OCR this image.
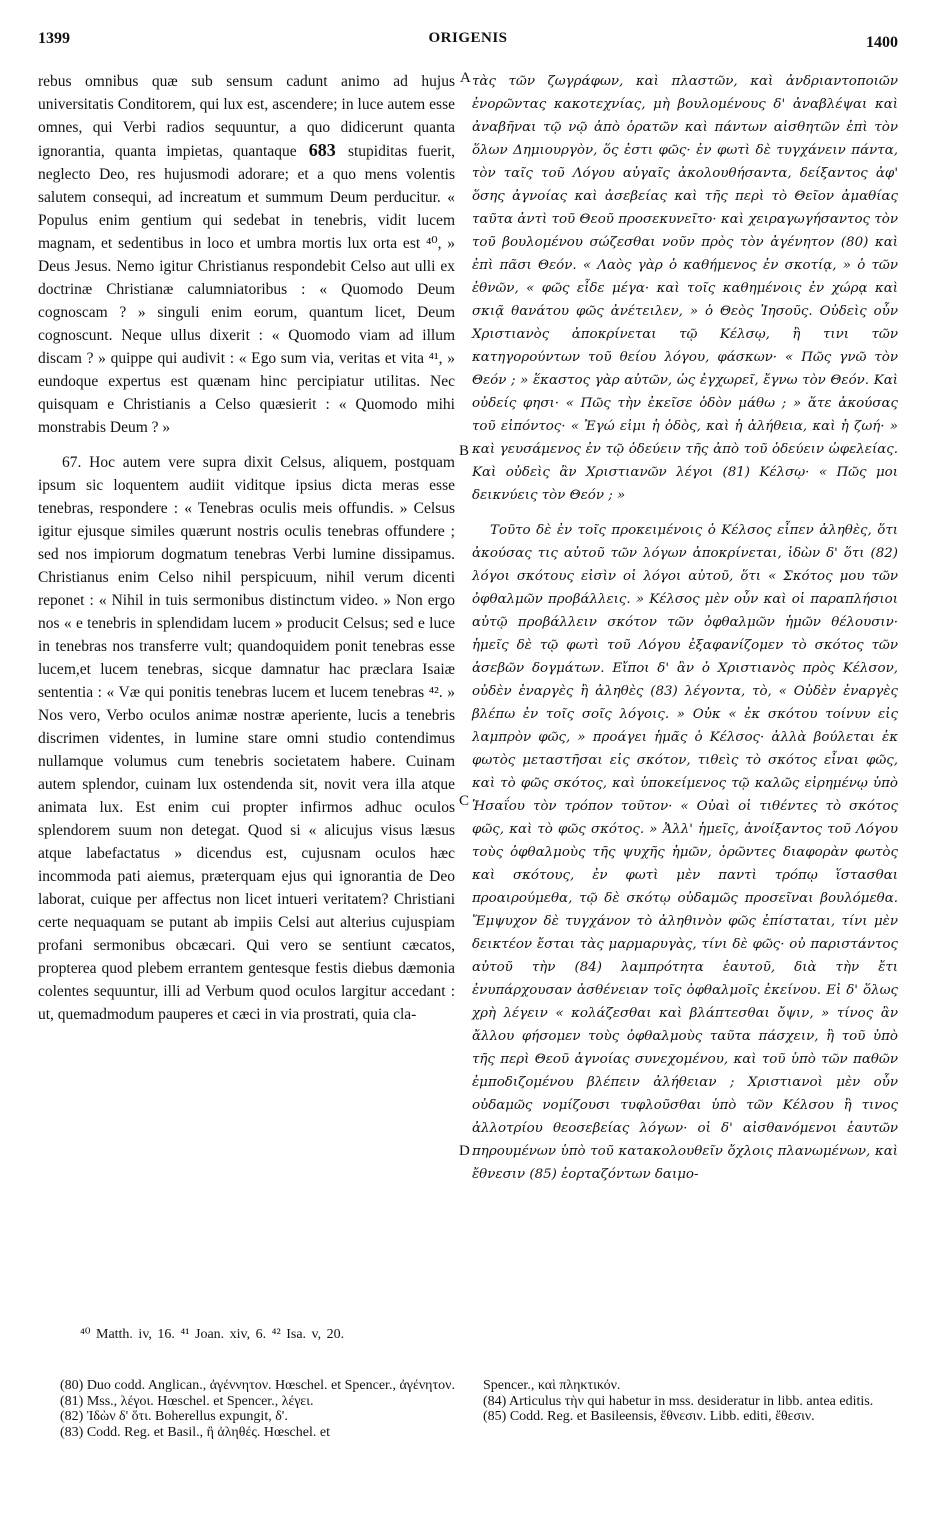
1399	ORIGENIS	1400

rebus omnibus quæ sub sensum cadunt animo ad hujus universitatis Conditorem, qui lux est, ascendere; in luce autem esse omnes, qui Verbi radios sequuntur, a quo didicerunt quanta ignorantia, quanta impietas, quantaque 683 stupiditas fuerit, neglecto Deo, res hujusmodi adorare; et a quo mens volentis salutem consequi, ad increatum et summum Deum perducitur. « Populus enim gentium qui sedebat in tenebris, vidit lucem magnam, et sedentibus in loco et umbra mortis lux orta est ⁴⁰, » Deus Jesus. Nemo igitur Christianus respondebit Celso aut ulli ex doctrinæ Christianæ calumniatoribus : « Quomodo Deum cognoscam ? » singuli enim eorum, quantum licet, Deum cognoscunt. Neque ullus dixerit : « Quomodo viam ad illum discam ? » quippe qui audivit : « Ego sum via, veritas et vita ⁴¹, » eundoque expertus est quænam hinc percipiatur utilitas. Nec quisquam e Christianis a Celso quæsierit : « Quomodo mihi monstrabis Deum ? »

67. Hoc autem vere supra dixit Celsus, aliquem, postquam ipsum sic loquentem audiit viditque ipsius dicta meras esse tenebras, respondere : « Tenebras oculis meis offundis. » Celsus igitur ejusque similes quærunt nostris oculis tenebras offundere ; sed nos impiorum dogmatum tenebras Verbi lumine dissipamus. Christianus enim Celso nihil perspicuum, nihil verum dicenti reponet : « Nihil in tuis sermonibus distinctum video. » Non ergo nos « e tenebris in splendidam lucem » producit Celsus; sed e luce in tenebras nos transferre vult; quandoquidem ponit tenebras esse lucem,et lucem tenebras, sicque damnatur hac præclara Isaiæ sententia : « Væ qui ponitis tenebras lucem et lucem tenebras ⁴². » Nos vero, Verbo oculos animæ nostræ aperiente, lucis a tenebris discrimen videntes, in lumine stare omni studio contendimus nullamque volumus cum tenebris societatem habere. Cuinam autem splendor, cuinam lux ostendenda sit, novit vera illa atque animata lux. Est enim cui propter infirmos adhuc oculos splendorem suum non detegat. Quod si « alicujus visus læsus atque labefactatus » dicendus est, cujusnam oculos hæc incommoda pati aiemus, præterquam ejus qui ignorantia de Deo laborat, cuique per affectus non licet intueri veritatem? Christiani certe nequaquam se putant ab impiis Celsi aut alterius cujuspiam profani sermonibus obcæcari. Qui vero se sentiunt cæcatos, propterea quod plebem errantem gentesque festis diebus dæmonia colentes sequuntur, illi ad Verbum quod oculos largitur accedant : ut, quemadmodum pauperes et cæci in via prostrati, quia cla-

A
B
C
D

τὰς τῶν ζωγράφων, καὶ πλαστῶν, καὶ ἀνδριαντοποιῶν ἐνορῶντας κακοτεχνίας, μὴ βουλομένους δ' ἀναβλέψαι καὶ ἀναβῆναι τῷ νῷ ἀπὸ ὁρατῶν καὶ πάντων αἰσθητῶν ἐπὶ τὸν ὅλων Δημιουργὸν, ὅς ἐστι φῶς· ἐν φωτὶ δὲ τυγχάνειν πάντα, τὸν ταῖς τοῦ Λόγου αὐγαῖς ἀκολουθήσαντα, δείξαντος ἀφ' ὅσης ἀγνοίας καὶ ἀσεβείας καὶ τῆς περὶ τὸ Θεῖον ἀμαθίας ταῦτα ἀντὶ τοῦ Θεοῦ προσεκυνεῖτο· καὶ χειραγωγήσαντος τὸν τοῦ βουλομένου σώζεσθαι νοῦν πρὸς τὸν ἀγένητον (80) καὶ ἐπὶ πᾶσι Θεόν. « Λαὸς γὰρ ὁ καθήμενος ἐν σκοτίᾳ, » ὁ τῶν ἐθνῶν, « φῶς εἶδε μέγα· καὶ τοῖς καθημένοις ἐν χώρᾳ καὶ σκιᾷ θανάτου φῶς ἀνέτειλεν, » ὁ Θεὸς Ἰησοῦς. Οὐδεὶς οὖν Χριστιανὸς ἀποκρίνεται τῷ Κέλσῳ, ἢ τινι τῶν κατηγορούντων τοῦ θείου λόγου, φάσκων· « Πῶς γνῶ τὸν Θεόν ; » ἕκαστος γὰρ αὐτῶν, ὡς ἐγχωρεῖ, ἔγνω τὸν Θεόν. Καὶ οὐδείς φησι· « Πῶς τὴν ἐκεῖσε ὁδὸν μάθω ; » ἅτε ἀκούσας τοῦ εἰπόντος· « Ἐγώ εἰμι ἡ ὁδὸς, καὶ ἡ ἀλήθεια, καὶ ἡ ζωή· » καὶ γευσάμενος ἐν τῷ ὁδεύειν τῆς ἀπὸ τοῦ ὁδεύειν ὠφελείας. Καὶ οὐδεὶς ἂν Χριστιανῶν λέγοι (81) Κέλσῳ· « Πῶς μοι δεικνύεις τὸν Θεόν ; »

Τοῦτο δὲ ἐν τοῖς προκειμένοις ὁ Κέλσος εἶπεν ἀληθὲς, ὅτι ἀκούσας τις αὐτοῦ τῶν λόγων ἀποκρίνεται, ἰδὼν δ' ὅτι (82) λόγοι σκότους εἰσὶν οἱ λόγοι αὐτοῦ, ὅτι « Σκότος μου τῶν ὀφθαλμῶν προβάλλεις. » Κέλσος μὲν οὖν καὶ οἱ παραπλήσιοι αὐτῷ προβάλλειν σκότον τῶν ὀφθαλμῶν ἡμῶν θέλουσιν· ἡμεῖς δὲ τῷ φωτὶ τοῦ Λόγου ἐξαφανίζομεν τὸ σκότος τῶν ἀσεβῶν δογμάτων. Εἴποι δ' ἂν ὁ Χριστιανὸς πρὸς Κέλσον, οὐδὲν ἐναργὲς ἢ ἀληθὲς (83) λέγοντα, τὸ, « Οὐδὲν ἐναργὲς βλέπω ἐν τοῖς σοῖς λόγοις. » Οὐκ « ἐκ σκότου τοίνυν εἰς λαμπρὸν φῶς, » προάγει ἡμᾶς ὁ Κέλσος· ἀλλὰ βούλεται ἐκ φωτὸς μεταστῆσαι εἰς σκότον, τιθεὶς τὸ σκότος εἶναι φῶς, καὶ τὸ φῶς σκότος, καὶ ὑποκείμενος τῷ καλῶς εἰρημένῳ ὑπὸ Ἡσαΐου τὸν τρόπον τοῦτον· « Οὐαὶ οἱ τιθέντες τὸ σκότος φῶς, καὶ τὸ φῶς σκότος. » Ἀλλ' ἡμεῖς, ἀνοίξαντος τοῦ Λόγου τοὺς ὀφθαλμοὺς τῆς ψυχῆς ἡμῶν, ὁρῶντες διαφορὰν φωτὸς καὶ σκότους, ἐν φωτὶ μὲν παντὶ τρόπῳ ἵστασθαι προαιρούμεθα, τῷ δὲ σκότῳ οὐδαμῶς προσεῖναι βουλόμεθα. Ἔμψυχον δὲ τυγχάνον τὸ ἀληθινὸν φῶς ἐπίσταται, τίνι μὲν δεικτέον ἔσται τὰς μαρμαρυγὰς, τίνι δὲ φῶς· οὐ παριστάντος αὐτοῦ τὴν (84) λαμπρότητα ἑαυτοῦ, διὰ τὴν ἔτι ἐνυπάρχουσαν ἀσθένειαν τοῖς ὀφθαλμοῖς ἐκείνου. Εἰ δ' ὅλως χρὴ λέγειν « κολάζεσθαι καὶ βλάπτεσθαι ὄψιν, » τίνος ἂν ἄλλου φήσομεν τοὺς ὀφθαλμοὺς ταῦτα πάσχειν, ἢ τοῦ ὑπὸ τῆς περὶ Θεοῦ ἀγνοίας συνεχομένου, καὶ τοῦ ὑπὸ τῶν παθῶν ἐμποδιζομένου βλέπειν ἀλήθειαν ; Χριστιανοὶ μὲν οὖν οὐδαμῶς νομίζουσι τυφλοῦσθαι ὑπὸ τῶν Κέλσου ἢ τινος ἀλλοτρίου θεοσεβείας λόγων· οἱ δ' αἰσθανόμενοι ἑαυτῶν πηρουμένων ὑπὸ τοῦ κατακολουθεῖν ὄχλοις πλανωμένων, καὶ ἔθνεσιν (85) ἑορταζόντων δαιμο-

⁴⁰ Matth. iv, 16. ⁴¹ Joan. xiv, 6. ⁴² Isa. v, 20.

(80) Duo codd. Anglican., ἀγέννητον. Hœschel. et Spencer., ἀγένητον.

(81) Mss., λέγοι. Hœschel. et Spencer., λέγει.

(82) Ἰδὼν δ' ὅτι. Boherellus expungit, δ'.

(83) Codd. Reg. et Basil., ἢ ἀληθές. Hœschel. et

Spencer., καὶ πληκτικόν.

(84) Articulus τὴν qui habetur in mss. desideratur in libb. antea editis.

(85) Codd. Reg. et Basileensis, ἔθνεσιν. Libb. editi, ἔθεσιν.
